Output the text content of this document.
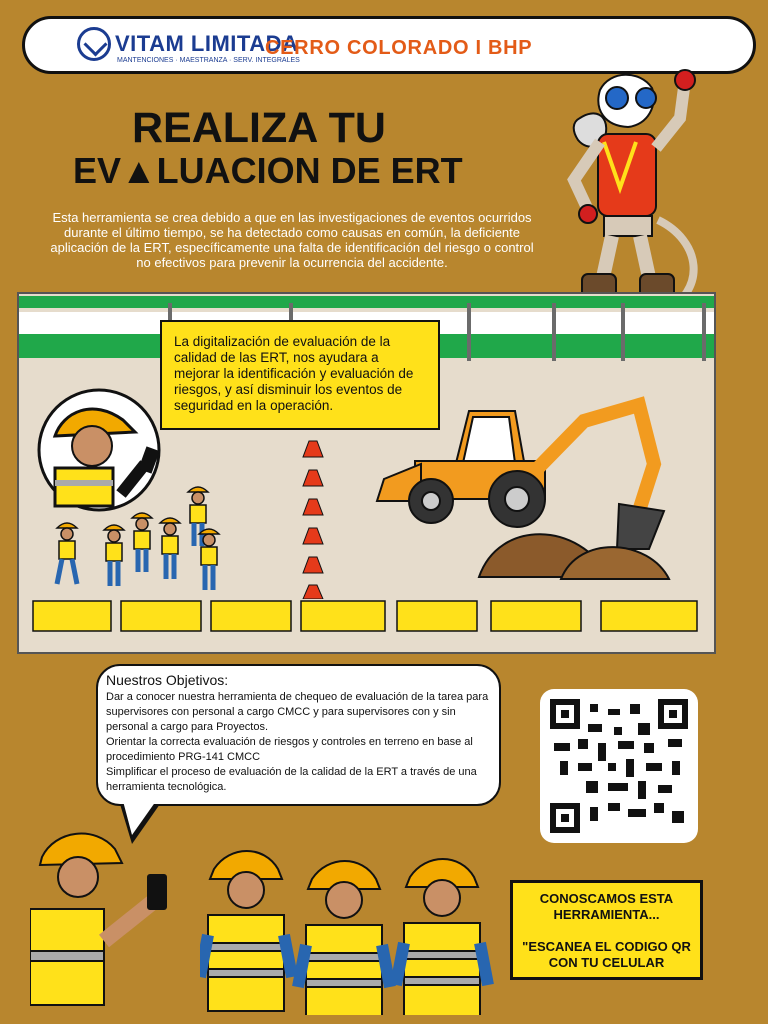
VITAM LIMITADA
MANTENCIONES · MAESTRANZA · SERV. INTEGRALES
CERRO COLORADO I BHP
REALIZA TU
EV▲LUACION DE ERT
Esta herramienta se crea debido a que en las investigaciones de eventos ocurridos durante el último tiempo, se ha detectado como causas en común, la deficiente aplicación de la ERT, específicamente una falta de identificación del riesgo o control no efectivos para prevenir la ocurrencia del accidente.
La digitalización de evaluación de la calidad de las ERT, nos ayudara a mejorar la identificación y evaluación de riesgos, y así disminuir los eventos de seguridad en la operación.
Nuestros Objetivos:
Dar a conocer nuestra herramienta de chequeo de evaluación de la tarea para supervisores con personal a cargo CMCC y para supervisores con y sin personal a cargo para Proyectos.
Orientar la correcta evaluación de riesgos y controles en terreno en base al procedimiento PRG-141 CMCC
Simplificar el proceso de evaluación de la calidad de la ERT a través de una herramienta tecnológica.
CONOSCAMOS ESTA HERRAMIENTA...
"ESCANEA EL CODIGO QR CON TU CELULAR
